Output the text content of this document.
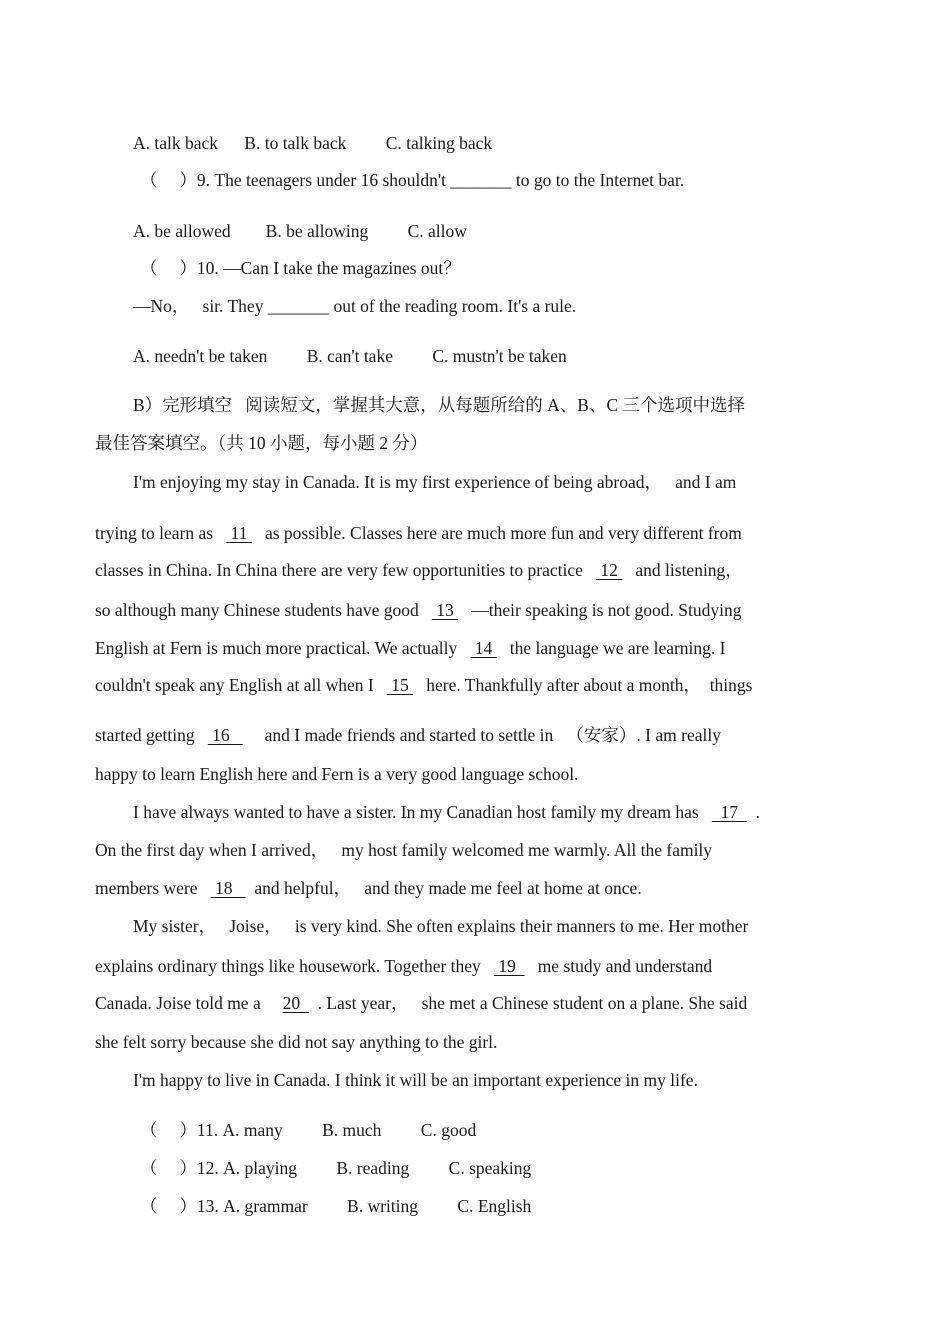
A. talk back      B. to talk back         C. talking back
（     ）9. The teenagers under 16 shouldn't _______ to go to the Internet bar.
A. be allowed        B. be allowing         C. allow
（     ）10. —Can I take the magazines out？
—No，   sir. They _______ out of the reading room. It's a rule.
A. needn't be taken         B. can't take         C. mustn't be taken
B）完形填空   阅读短文，掌握其大意，从每题所给的 A、B、C 三个选项中选择
最佳答案填空。（共 10 小题，每小题 2 分）
I'm enjoying my stay in Canada. It is my first experience of being abroad，   and I am
trying to learn as    11    as possible. Classes here are much more fun and very different from
classes in China. In China there are very few opportunities to practice    12    and listening，
so although many Chinese students have good    13    —their speaking is not good. Studying
English at Fern is much more practical. We actually    14    the language we are learning. I
couldn't speak any English at all when I    15    here. Thankfully after about a month，  things
started getting    16        and I made friends and started to settle in   （安家）. I am really
happy to learn English here and Fern is a very good language school.
I have always wanted to have a sister. In my Canadian host family my dream has     17    .
On the first day when I arrived，   my host family welcomed me warmly. All the family
members were    18     and helpful，   and they made me feel at home at once.
My sister，   Joise，   is very kind. She often explains their manners to me. Her mother
explains ordinary things like housework. Together they    19     me study and understand
Canada. Joise told me a     20    . Last year，   she met a Chinese student on a plane. She said
she felt sorry because she did not say anything to the girl.
I'm happy to live in Canada. I think it will be an important experience in my life.
（     ）11. A. many         B. much         C. good
（     ）12. A. playing         B. reading         C. speaking
（     ）13. A. grammar         B. writing         C. English
